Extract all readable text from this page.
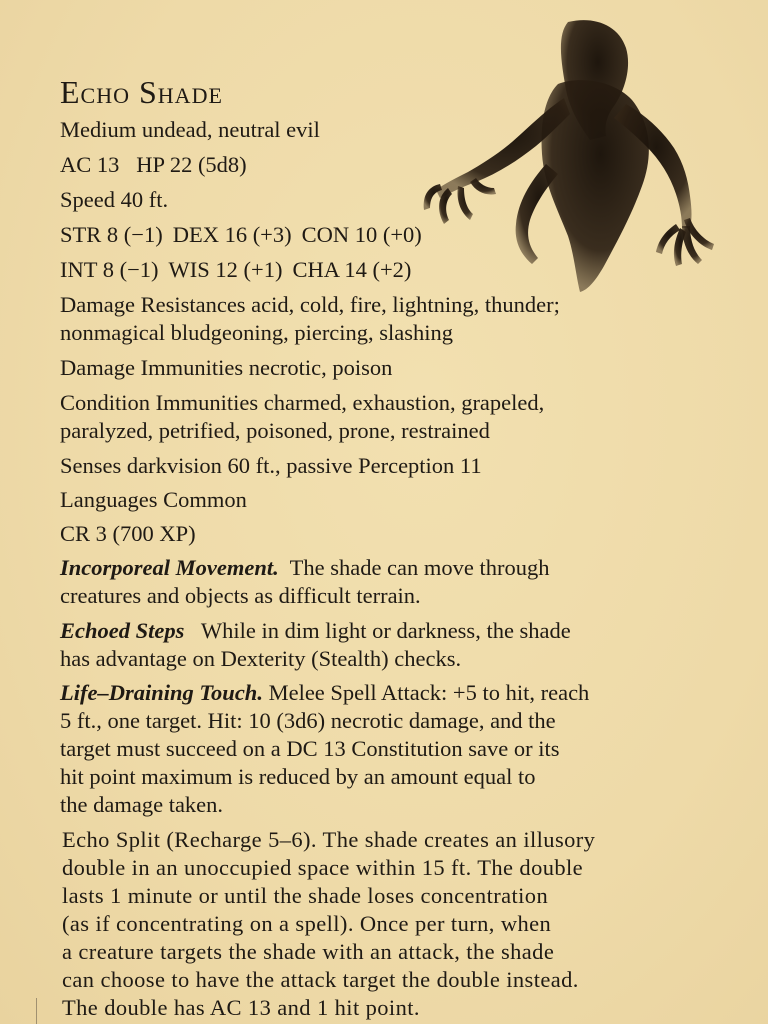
Echo Shade

Medium undead, neutral evil

AC 13 HP 22 (5d8)

Speed 40 ft.

STR 8 (−1) DEX 16 (+3) CON 10 (+0)

INT 8 (−1) WIS 12 (+1) CHA 14 (+2)

Damage Resistances acid, cold, fire, lightning, thunder;
nonmagical bludgeoning, piercing, slashing

Damage Immunities necrotic, poison

Condition Immunities charmed, exhaustion, grapeled,
paralyzed, petrified, poisoned, prone, restrained

Senses darkvision 60 ft., passive Perception 11

Languages Common

CR 3 (700 XP)

Incorporeal Movement. The shade can move through
creatures and objects as difficult terrain.

Echoed Steps While in dim light or darkness, the shade
has advantage on Dexterity (Stealth) checks.

Life–Draining Touch. Melee Spell Attack: +5 to hit, reach
5 ft., one target. Hit: 10 (3d6) necrotic damage, and the
target must succeed on a DC 13 Constitution save or its
hit point maximum is reduced by an amount equal to
the damage taken.

Echo Split (Recharge 5–6). The shade creates an illusory
double in an unoccupied space within 15 ft. The double
lasts 1 minute or until the shade loses concentration
(as if concentrating on a spell). Once per turn, when
a creature targets the shade with an attack, the shade
can choose to have the attack target the double instead.
The double has AC 13 and 1 hit point.
